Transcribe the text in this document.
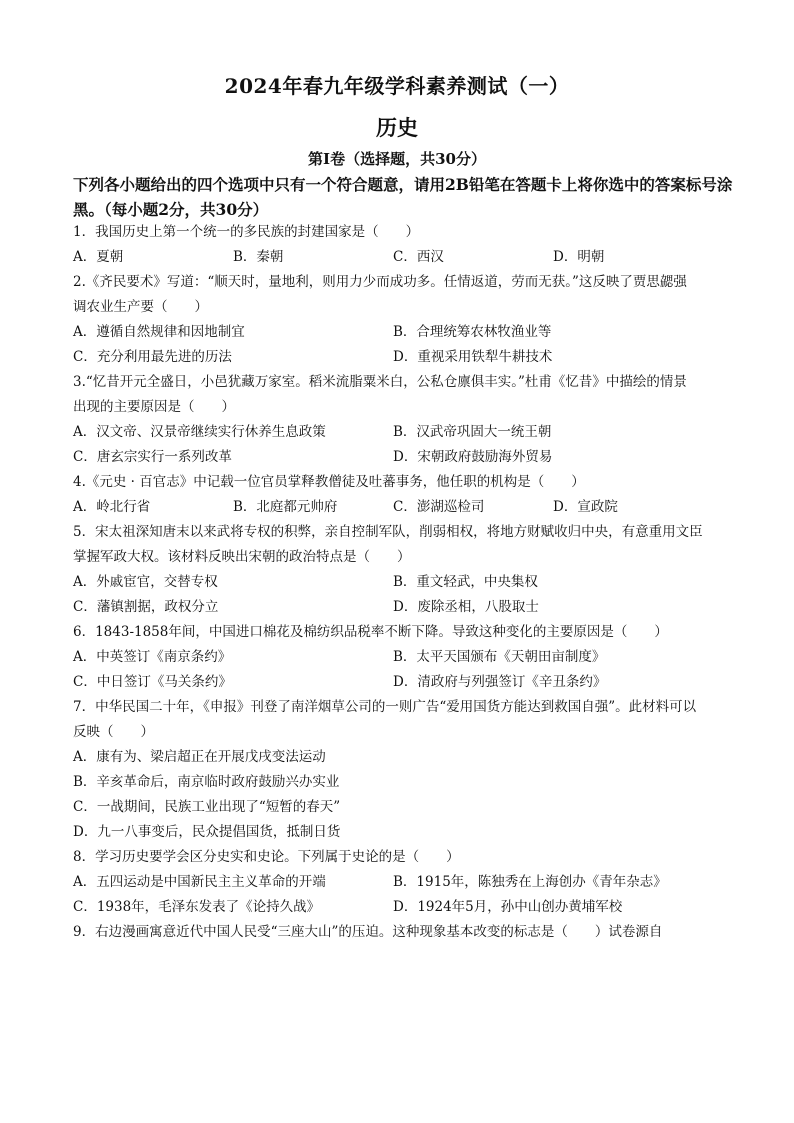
2024年春九年级学科素养测试（一）
历史
第Ⅰ卷（选择题，共30分）
下列各小题给出的四个选项中只有一个符合题意，请用2B铅笔在答题卡上将你选中的答案标号涂黑。（每小题2分，共30分）
1．我国历史上第一个统一的多民族的封建国家是（　　）
A．夏朝	B．秦朝	C．西汉	D．明朝
2.《齐民要术》写道：“顺天时，量地利，则用力少而成功多。任情返道，劳而无获。”这反映了贾思勰强
调农业生产要（　　）
A．遵循自然规律和因地制宜	B．合理统筹农林牧渔业等
C．充分利用最先进的历法	D．重视采用铁犁牛耕技术
3.“忆昔开元全盛日，小邑犹藏万家室。稻米流脂粟米白，公私仓廪俱丰实。”杜甫《忆昔》中描绘的情景
出现的主要原因是（　　）
A．汉文帝、汉景帝继续实行休养生息政策	B．汉武帝巩固大一统王朝
C．唐玄宗实行一系列改革	D．宋朝政府鼓励海外贸易
4.《元史 · 百官志》中记载一位官员掌释教僧徒及吐蕃事务，他任职的机构是（　　）
A．岭北行省	B．北庭都元帅府	C．澎湖巡检司	D．宣政院
5．宋太祖深知唐末以来武将专权的积弊，亲自控制军队，削弱相权，将地方财赋收归中央，有意重用文臣
掌握军政大权。该材料反映出宋朝的政治特点是（　　）
A．外戚宦官，交替专权	B．重文轻武，中央集权
C．藩镇割据，政权分立	D．废除丞相，八股取士
6．1843-1858年间，中国进口棉花及棉纺织品税率不断下降。导致这种变化的主要原因是（　　）
A．中英签订《南京条约》	B．太平天国颁布《天朝田亩制度》
C．中日签订《马关条约》	D．清政府与列强签订《辛丑条约》
7．中华民国二十年，《申报》刊登了南洋烟草公司的一则广告“爱用国货方能达到救国自强”。此材料可以
反映（　　）
A．康有为、梁启超正在开展戊戌变法运动
B．辛亥革命后，南京临时政府鼓励兴办实业
C．一战期间，民族工业出现了“短暂的春天”
D．九一八事变后，民众提倡国货，抵制日货
8．学习历史要学会区分史实和史论。下列属于史论的是（　　）
A．五四运动是中国新民主主义革命的开端	B．1915年，陈独秀在上海创办《青年杂志》
C．1938年，毛泽东发表了《论持久战》	D．1924年5月，孙中山创办黄埔军校
9．右边漫画寓意近代中国人民受“三座大山”的压迫。这种现象基本改变的标志是（　　）试卷源自
